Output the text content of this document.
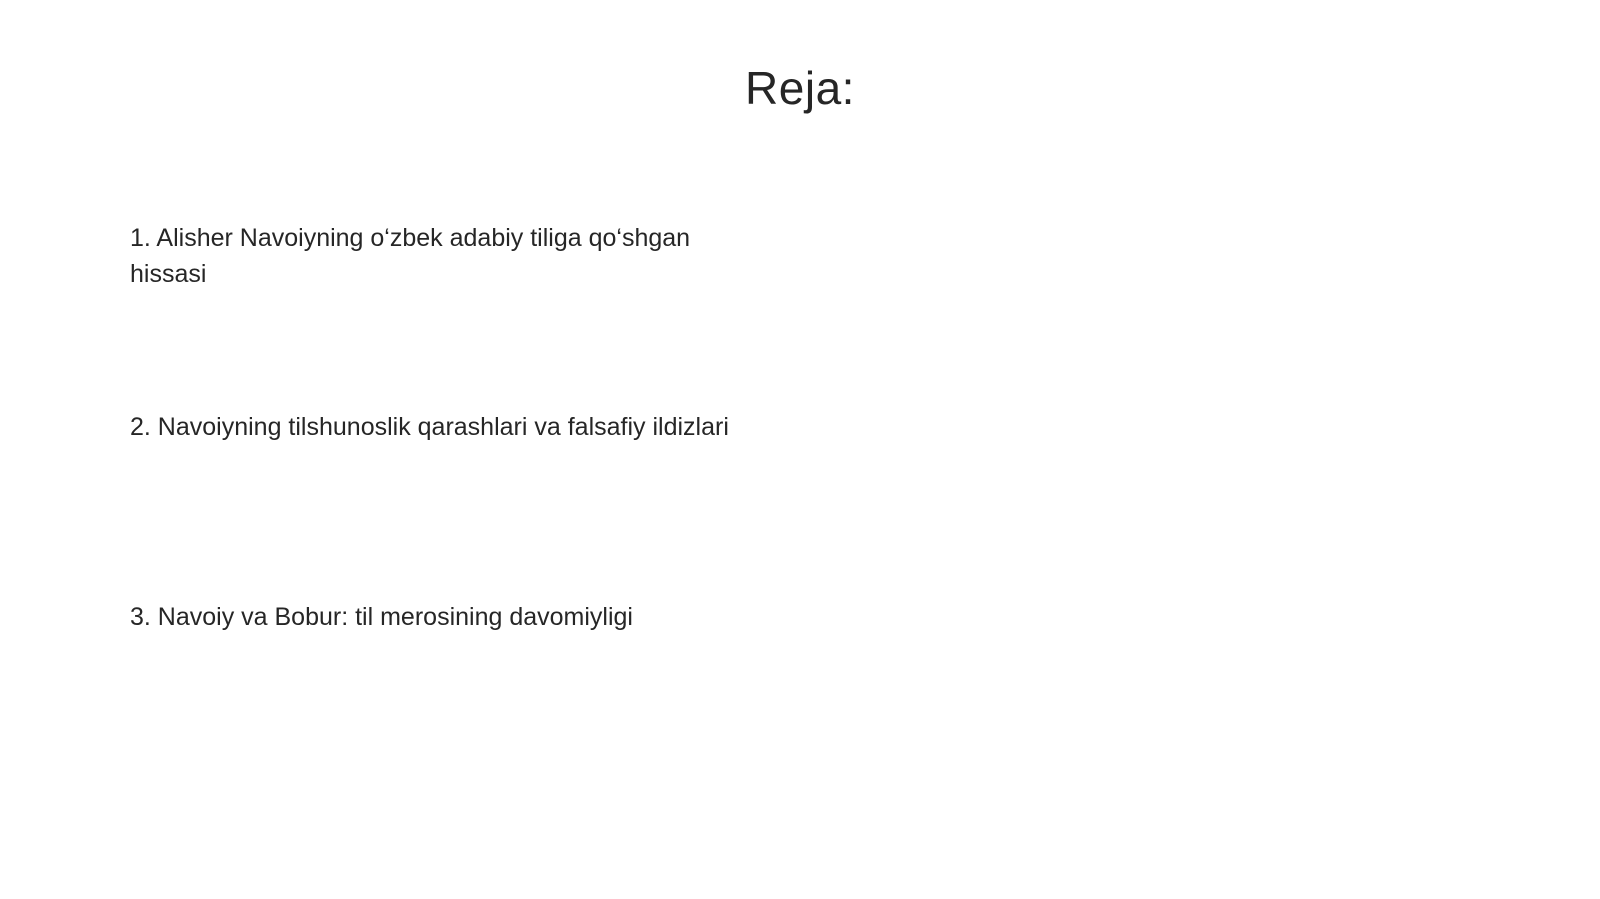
Reja:

1. Alisher Navoiyning o‘zbek adabiy tiliga qo‘shgan hissasi

2. Navoiyning tilshunoslik qarashlari va falsafiy ildizlari

3. Navoiy va Bobur: til merosining davomiyligi
